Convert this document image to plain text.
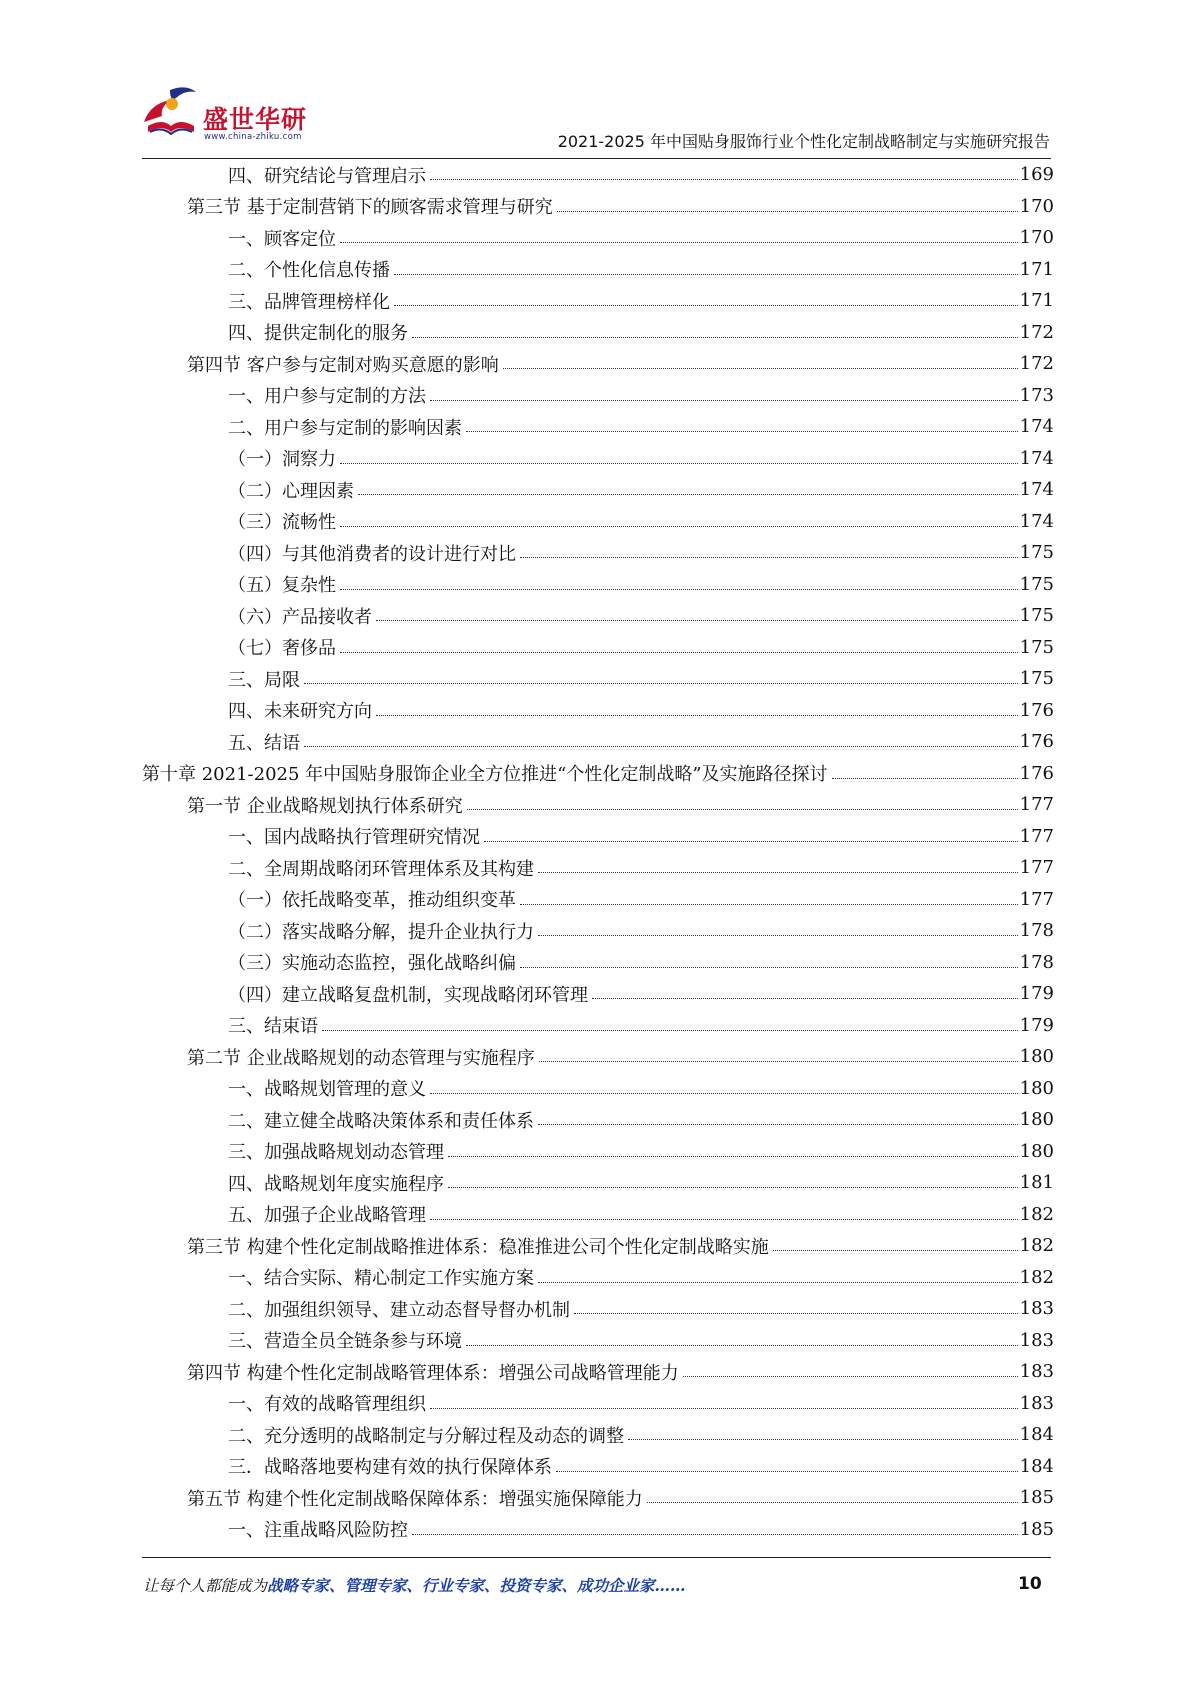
盛世华研
www.china-zhiku.com	2021-2025 年中国贴身服饰行业个性化定制战略制定与实施研究报告
四、研究结论与管理启示	169
第三节 基于定制营销下的顾客需求管理与研究	170
一、顾客定位	170
二、个性化信息传播	171
三、品牌管理榜样化	171
四、提供定制化的服务	172
第四节 客户参与定制对购买意愿的影响	172
一、用户参与定制的方法	173
二、用户参与定制的影响因素	174
（一）洞察力	174
（二）心理因素	174
（三）流畅性	174
（四）与其他消费者的设计进行对比	175
（五）复杂性	175
（六）产品接收者	175
（七）奢侈品	175
三、局限	175
四、未来研究方向	176
五、结语	176
第十章 2021-2025 年中国贴身服饰企业全方位推进“个性化定制战略”及实施路径探讨	176
第一节 企业战略规划执行体系研究	177
一、国内战略执行管理研究情况	177
二、全周期战略闭环管理体系及其构建	177
（一）依托战略变革，推动组织变革	177
（二）落实战略分解，提升企业执行力	178
（三）实施动态监控，强化战略纠偏	178
（四）建立战略复盘机制，实现战略闭环管理	179
三、结束语	179
第二节 企业战略规划的动态管理与实施程序	180
一、战略规划管理的意义	180
二、建立健全战略决策体系和责任体系	180
三、加强战略规划动态管理	180
四、战略规划年度实施程序	181
五、加强子企业战略管理	182
第三节 构建个性化定制战略推进体系：稳准推进公司个性化定制战略实施	182
一、结合实际、精心制定工作实施方案	182
二、加强组织领导、建立动态督导督办机制	183
三、营造全员全链条参与环境	183
第四节 构建个性化定制战略管理体系：增强公司战略管理能力	183
一、有效的战略管理组织	183
二、充分透明的战略制定与分解过程及动态的调整	184
三．战略落地要构建有效的执行保障体系	184
第五节 构建个性化定制战略保障体系：增强实施保障能力	185
一、注重战略风险防控	185
让每个人都能成为战略专家、管理专家、行业专家、投资专家、成功企业家……	10
